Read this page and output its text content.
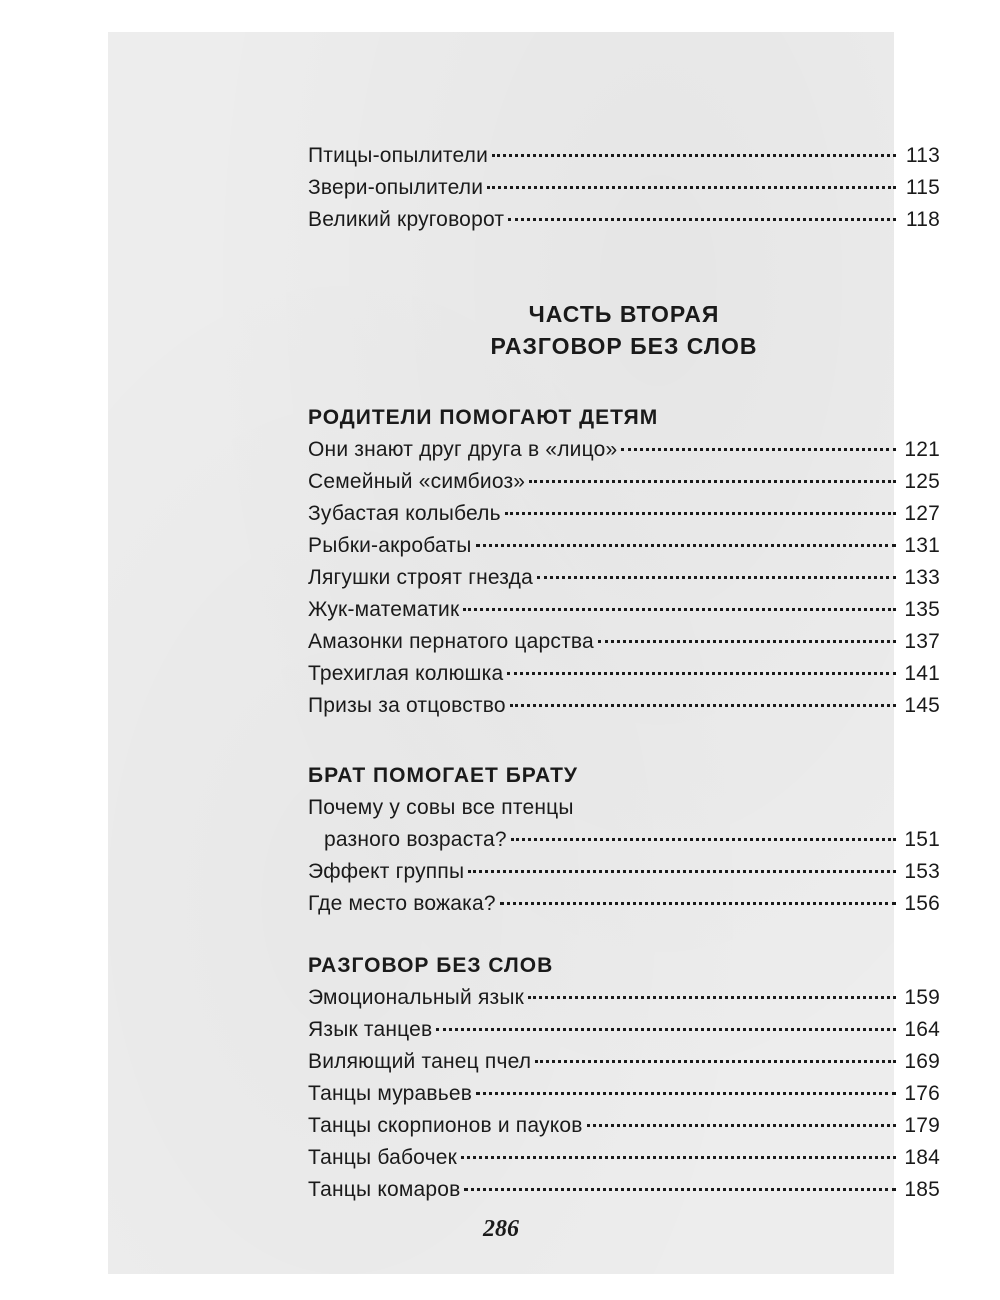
Птицы-опылители	113
Звери-опылители	115
Великий круговорот	118
ЧАСТЬ ВТОРАЯ
РАЗГОВОР БЕЗ СЛОВ
РОДИТЕЛИ ПОМОГАЮТ ДЕТЯМ
Они знают друг друга в «лицо»	121
Семейный «симбиоз»	125
Зубастая колыбель	127
Рыбки-акробаты	131
Лягушки строят гнезда	133
Жук-математик	135
Амазонки пернатого царства	137
Трехиглая колюшка	141
Призы за отцовство	145
БРАТ ПОМОГАЕТ БРАТУ
Почему у совы все птенцы
разного возраста?	151
Эффект группы	153
Где место вожака?	156
РАЗГОВОР БЕЗ СЛОВ
Эмоциональный язык	159
Язык танцев	164
Виляющий танец пчел	169
Танцы муравьев	176
Танцы скорпионов и пауков	179
Танцы бабочек	184
Танцы комаров	185
286
